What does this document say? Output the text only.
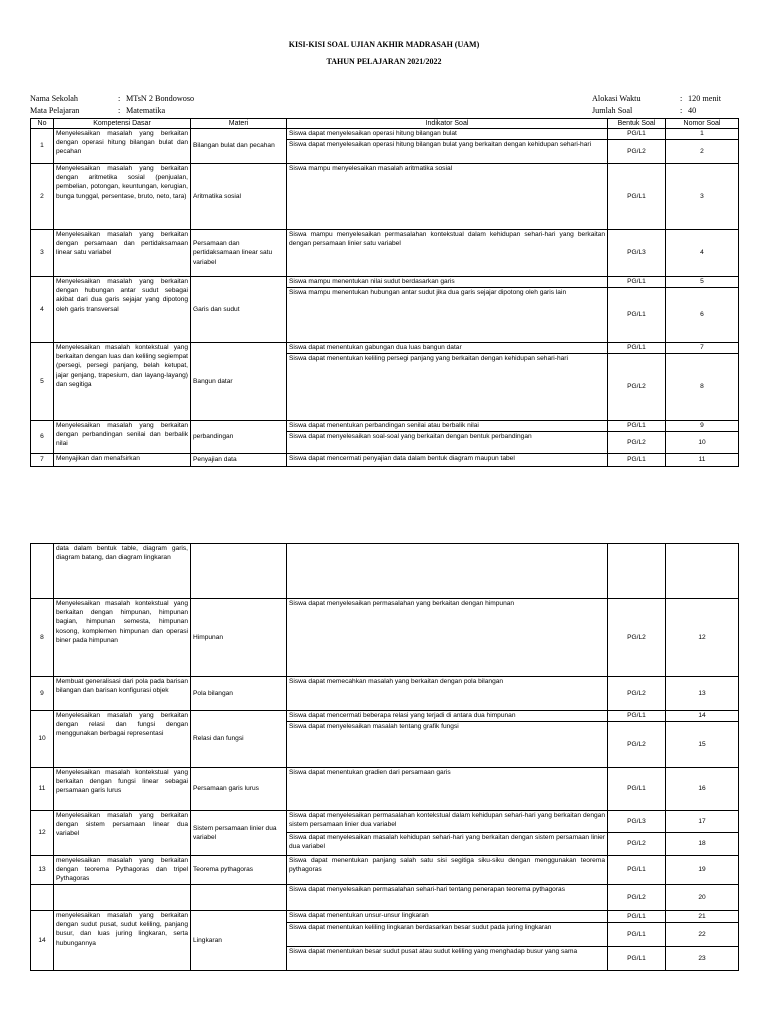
KISI-KISI SOAL UJIAN AKHIR MADRASAH (UAM)
TAHUN PELAJARAN 2021/2022
Nama Sekolah	: MTsN 2 Bondowoso
Mata Pelajaran	: Matematika
Alokasi Waktu	: 120 menit
Jumlah Soal	: 40
No	Kompetensi Dasar	Materi	Indikator Soal	Bentuk Soal	Nomor Soal

1	Menyelesaikan masalah yang berkaitan dengan operasi hitung bilangan bulat dan pecahan	Bilangan bulat dan pecahan	Siswa dapat menyelesaikan operasi hitung bilangan bulat	PG/L1	1

			Siswa dapat menyelesaikan operasi hitung bilangan bulat yang berkaitan dengan kehidupan sehari-hari	PG/L2	2

2	Menyelesaikan masalah yang berkaitan dengan aritmetika sosial (penjualan, pembelian, potongan, keuntungan, kerugian, bunga tunggal, persentase, bruto, neto, tara)	Aritmatika sosial	Siswa mampu menyelesaikan masalah aritmatika sosial	PG/L1	3

3	Menyelesaikan masalah yang berkaitan dengan persamaan dan pertidaksamaan linear satu variabel	Persamaan dan pertidaksamaan linear satu variabel	Siswa mampu menyelesaikan permasalahan kontekstual dalam kehidupan sehari-hari yang berkaitan dengan persamaan linier satu variabel	PG/L3	4

4	Menyelesaikan masalah yang berkaitan dengan hubungan antar sudut sebagai akibat dari dua garis sejajar yang dipotong oleh garis transversal	Garis dan sudut	Siswa mampu menentukan nilai sudut berdasarkan garis	PG/L1	5

			Siswa mampu menentukan hubungan antar sudut jika dua garis sejajar dipotong oleh garis lain	PG/L1	6

5	Menyelesaikan masalah kontekstual yang berkaitan dengan luas dan keliling segiempat (persegi, persegi panjang, belah ketupat, jajar genjang, trapesium, dan layang-layang) dan segitiga	Bangun datar	Siswa dapat menentukan gabungan dua luas bangun datar	PG/L1	7

			Siswa dapat menentukan keliling persegi panjang yang berkaitan dengan kehidupan sehari-hari	PG/L2	8

6	Menyelesaikan masalah yang berkaitan dengan perbandingan senilai dan berbalik nilai	perbandingan	Siswa dapat menentukan perbandingan senilai atau berbalik nilai	PG/L1	9

			Siswa dapat menyelesaikan soal-soal yang berkaitan dengan bentuk perbandingan	PG/L2	10

7	Menyajikan dan menafsirkan	Penyajian data	Siswa dapat mencermati penyajian data dalam bentuk diagram maupun tabel	PG/L1	11

	data dalam bentuk table, diagram garis, diagram batang, dan diagram lingkaran				

8	Menyelesaikan masalah kontekstual yang berkaitan dengan himpunan, himpunan bagian, himpunan semesta, himpunan kosong, komplemen himpunan dan operasi biner pada himpunan	Himpunan	Siswa dapat menyelesaikan permasalahan yang berkaitan dengan himpunan	PG/L2	12

9	Membuat generalisasi dari pola pada barisan bilangan dan barisan konfigurasi objek	Pola bilangan	Siswa dapat memecahkan masalah yang berkaitan dengan pola bilangan	PG/L2	13

10	Menyelesaikan masalah yang berkaitan dengan relasi dan fungsi dengan menggunakan berbagai representasi	Relasi dan fungsi	Siswa dapat mencermati beberapa relasi yang terjadi di antara dua himpunan	PG/L1	14

			Siswa dapat menyelesaikan masalah tentang grafik fungsi	PG/L2	15

11	Menyelesaikan masalah kontekstual yang berkaitan dengan fungsi linear sebagai persamaan garis lurus	Persamaan garis lurus	Siswa dapat menentukan gradien dari persamaan garis	PG/L1	16

12	Menyelesaikan masalah yang berkaitan dengan sistem persamaan linear dua variabel	Sistem persamaan linier dua variabel	Siswa dapat menyelesaikan permasalahan kontekstual dalam kehidupan sehari-hari yang berkaitan dengan sistem persamaan linier dua variabel	PG/L3	17

			Siswa dapat menyelesaikan masalah kehidupan sehari-hari yang berkaitan dengan sistem persamaan linier dua variabel	PG/L2	18

13	menyelesaikan masalah yang berkaitan dengan teorema Pythagoras dan tripel Pythagoras	Teorema pythagoras	Siswa dapat menentukan panjang salah satu sisi segitiga siku-siku dengan menggunakan teorema pythagoras	PG/L1	19

			Siswa dapat menyelesaikan permasalahan sehari-hari tentang penerapan teorema pythagoras	PG/L2	20

14	menyelesaikan masalah yang berkaitan dengan sudut pusat, sudut keliling, panjang busur, dan luas juring lingkaran, serta hubungannya	Lingkaran	Siswa dapat menentukan unsur-unsur lingkaran	PG/L1	21

			Siswa dapat menentukan keliling lingkaran berdasarkan besar sudut pada juring lingkaran	PG/L1	22

			Siswa dapat menentukan besar sudut pusat atau sudut keliling yang menghadap busur yang sama	PG/L1	23
